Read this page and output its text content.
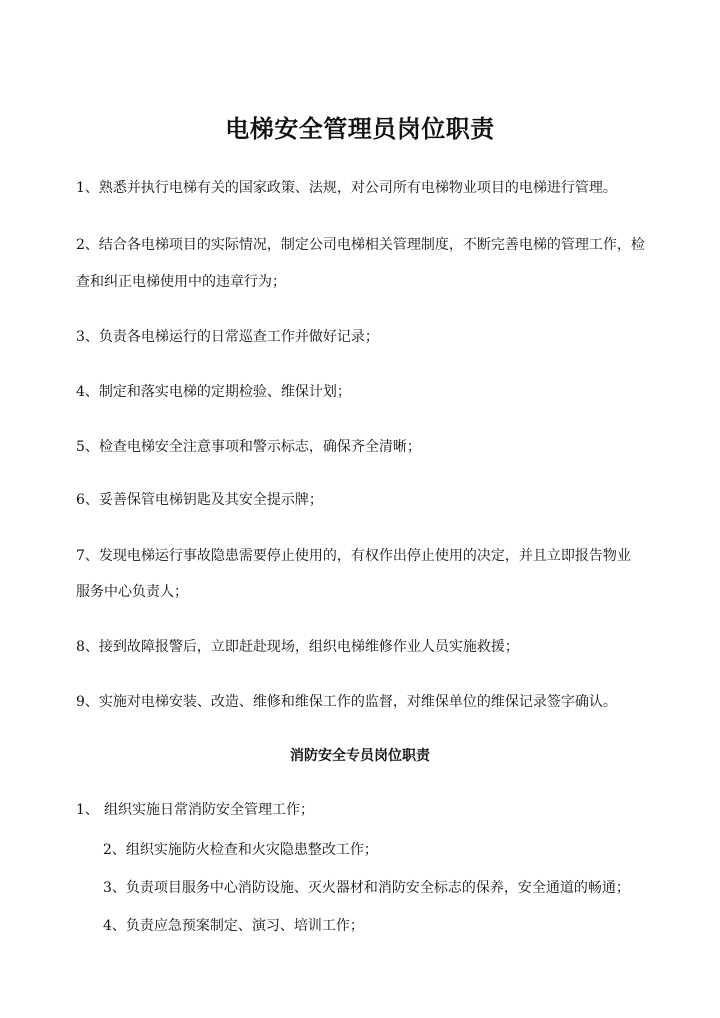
电梯安全管理员岗位职责
1、熟悉并执行电梯有关的国家政策、法规，对公司所有电梯物业项目的电梯进行管理。
2、结合各电梯项目的实际情况，制定公司电梯相关管理制度，不断完善电梯的管理工作，检
查和纠正电梯使用中的违章行为；
3、负责各电梯运行的日常巡查工作并做好记录；
4、制定和落实电梯的定期检验、维保计划；
5、检查电梯安全注意事项和警示标志，确保齐全清晰；
6、妥善保管电梯钥匙及其安全提示牌；
7、发现电梯运行事故隐患需要停止使用的，有权作出停止使用的决定，并且立即报告物业
服务中心负责人；
8、接到故障报警后，立即赶赴现场，组织电梯维修作业人员实施救援；
9、实施对电梯安装、改造、维修和维保工作的监督，对维保单位的维保记录签字确认。
消防安全专员岗位职责
1、 组织实施日常消防安全管理工作；
2、组织实施防火检查和火灾隐患整改工作；
3、负责项目服务中心消防设施、灭火器材和消防安全标志的保养，安全通道的畅通；
4、负责应急预案制定、演习、培训工作；
